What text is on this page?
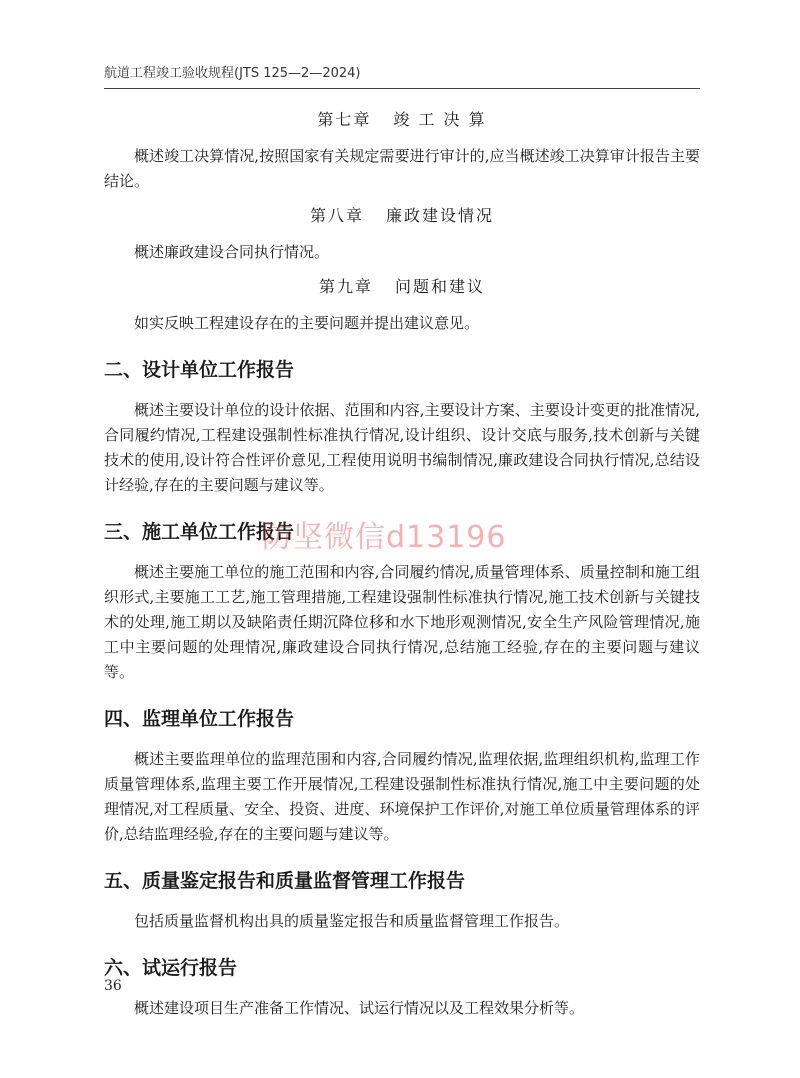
航道工程竣工验收规程(JTS 125—2—2024)
第七章 竣 工 决 算

概述竣工决算情况,按照国家有关规定需要进行审计的,应当概述竣工决算审计报告主要结论。

第八章 廉政建设情况

概述廉政建设合同执行情况。

第九章 问题和建议

如实反映工程建设存在的主要问题并提出建议意见。

二、设计单位工作报告

概述主要设计单位的设计依据、范围和内容,主要设计方案、主要设计变更的批准情况,合同履约情况,工程建设强制性标准执行情况,设计组织、设计交底与服务,技术创新与关键技术的使用,设计符合性评价意见,工程使用说明书编制情况,廉政建设合同执行情况,总结设计经验,存在的主要问题与建议等。

三、施工单位工作报告

概述主要施工单位的施工范围和内容,合同履约情况,质量管理体系、质量控制和施工组织形式,主要施工工艺,施工管理措施,工程建设强制性标准执行情况,施工技术创新与关键技术的处理,施工期以及缺陷责任期沉降位移和水下地形观测情况,安全生产风险管理情况,施工中主要问题的处理情况,廉政建设合同执行情况,总结施工经验,存在的主要问题与建议等。

四、监理单位工作报告

概述主要监理单位的监理范围和内容,合同履约情况,监理依据,监理组织机构,监理工作质量管理体系,监理主要工作开展情况,工程建设强制性标准执行情况,施工中主要问题的处理情况,对工程质量、安全、投资、进度、环境保护工作评价,对施工单位质量管理体系的评价,总结监理经验,存在的主要问题与建议等。

五、质量鉴定报告和质量监督管理工作报告

包括质量监督机构出具的质量鉴定报告和质量监督管理工作报告。

六、试运行报告

概述建设项目生产准备工作情况、试运行情况以及工程效果分析等。

防坚微信d13196
36
